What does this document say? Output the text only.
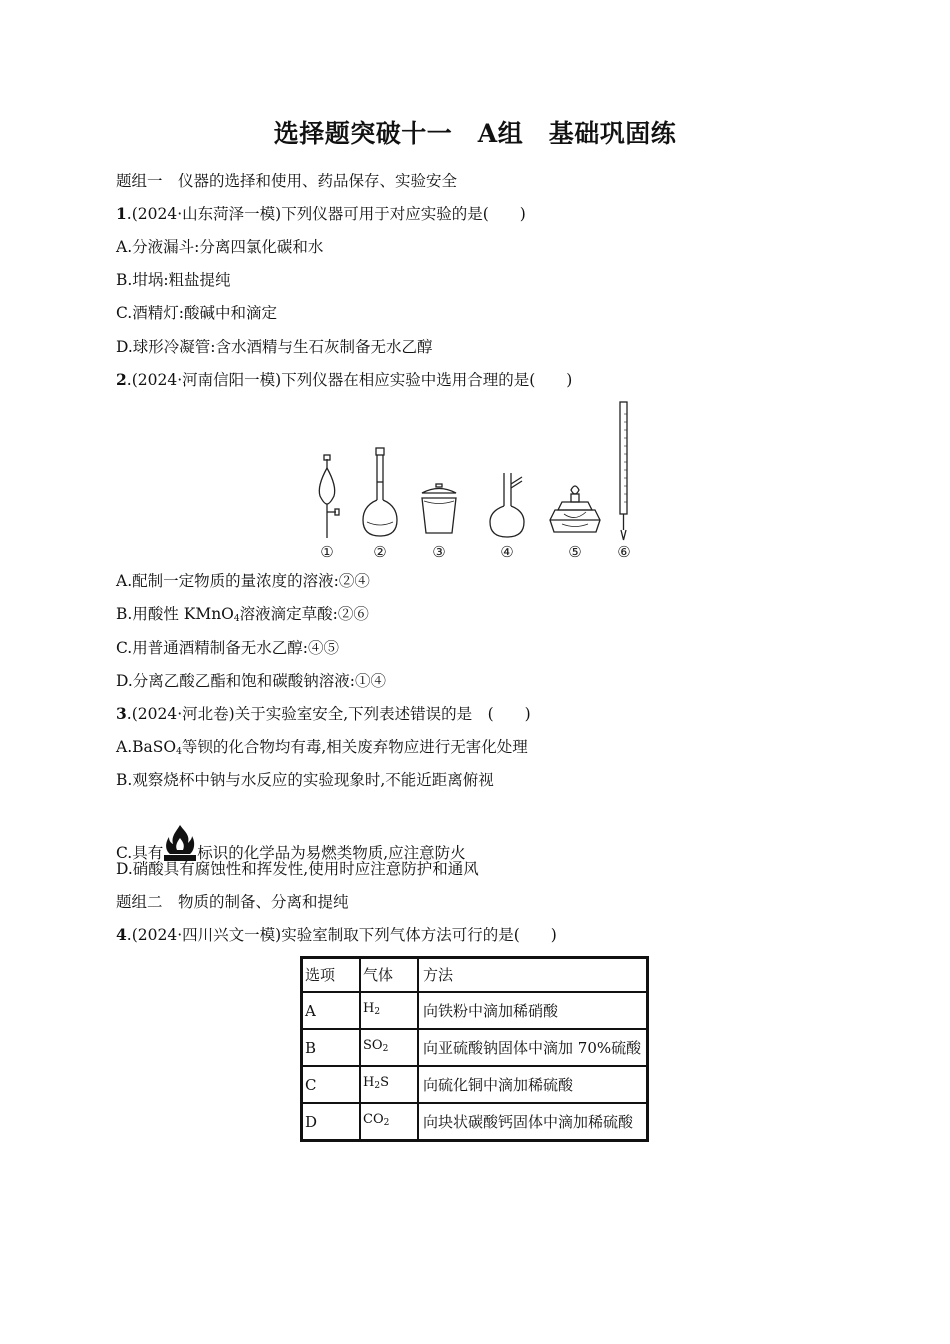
选择题突破十一　A组　基础巩固练
题组一　仪器的选择和使用、药品保存、实验安全
1.(2024·山东菏泽一模)下列仪器可用于对应实验的是(　　)
A.分液漏斗:分离四氯化碳和水
B.坩埚:粗盐提纯
C.酒精灯:酸碱中和滴定
D.球形冷凝管:含水酒精与生石灰制备无水乙醇
2.(2024·河南信阳一模)下列仪器在相应实验中选用合理的是(　　)
①	②	③	④	⑤ ⑥
A.配制一定物质的量浓度的溶液:②④
B.用酸性 KMnO$_4$溶液滴定草酸:②⑥
C.用普通酒精制备无水乙醇:④⑤
D.分离乙酸乙酯和饱和碳酸钠溶液:①④
3.(2024·河北卷)关于实验室安全,下列表述错误的是　(　　)
A.BaSO$_4$等钡的化合物均有毒,相关废弃物应进行无害化处理
B.观察烧杯中钠与水反应的实验现象时,不能近距离俯视
C.具有 标识的化学品为易燃类物质,应注意防火
D.硝酸具有腐蚀性和挥发性,使用时应注意防护和通风
题组二　物质的制备、分离和提纯
4.(2024·四川兴文一模)实验室制取下列气体方法可行的是(　　)
选项	气体	方法
A	$H_2$	向铁粉中滴加稀硝酸
B	$SO_2$	向亚硫酸钠固体中滴加 70%硫酸
C	$H_2S$	向硫化铜中滴加稀硫酸
D	$CO_2$	向块状碳酸钙固体中滴加稀硫酸
